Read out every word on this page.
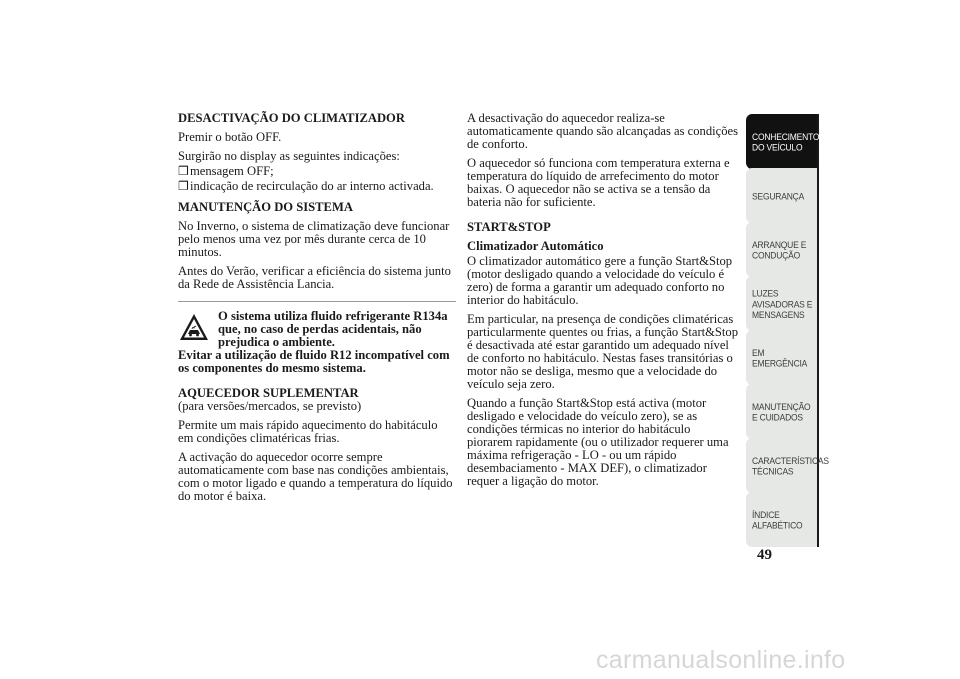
DESACTIVAÇÃO DO CLIMATIZADOR

Premir o botão OFF.

Surgirão no display as seguintes indicações:

❒ mensagem OFF;
❒ indicação de recirculação do ar interno activada.
MANUTENÇÃO DO SISTEMA

No Inverno, o sistema de climatização deve funcionar pelo menos uma vez por mês durante cerca de 10 minutos.

Antes do Verão, verificar a eficiência do sistema junto da Rede de Assistência Lancia.

O sistema utiliza fluido refrigerante R134a que, no caso de perdas acidentais, não prejudica o ambiente.
Evitar a utilização de fluido R12 incompatível com os componentes do mesmo sistema.
AQUECEDOR SUPLEMENTAR

(para versões/mercados, se previsto)

Permite um mais rápido aquecimento do habitáculo em condições climatéricas frias.

A activação do aquecedor ocorre sempre automaticamente com base nas condições ambientais, com o motor ligado e quando a temperatura do líquido do motor é baixa.

A desactivação do aquecedor realiza-se automaticamente quando são alcançadas as condições de conforto.

O aquecedor só funciona com temperatura externa e temperatura do líquido de arrefecimento do motor baixas. O aquecedor não se activa se a tensão da bateria não for suficiente.

START&STOP
Climatizador Automático

O climatizador automático gere a função Start&Stop (motor desligado quando a velocidade do veículo é zero) de forma a garantir um adequado conforto no interior do habitáculo.

Em particular, na presença de condições climatéricas particularmente quentes ou frias, a função Start&Stop é desactivada até estar garantido um adequado nível de conforto no habitáculo. Nestas fases transitórias o motor não se desliga, mesmo que a velocidade do veículo seja zero.

Quando a função Start&Stop está activa (motor desligado e velocidade do veículo zero), se as condições térmicas no interior do habitáculo piorarem rapidamente (ou o utilizador requerer uma máxima refrigeração - LO - ou um rápido desembaciamento - MAX DEF), o climatizador requer a ligação do motor.

CONHECIMENTO DO VEÍCULO
SEGURANÇA
ARRANQUE E CONDUÇÃO
LUZES AVISADORAS E MENSAGENS
EM EMERGÊNCIA
MANUTENÇÃO E CUIDADOS
CARACTERÍSTICAS TÉCNICAS
ÍNDICE ALFABÉTICO
49
carmanualsonline.info
